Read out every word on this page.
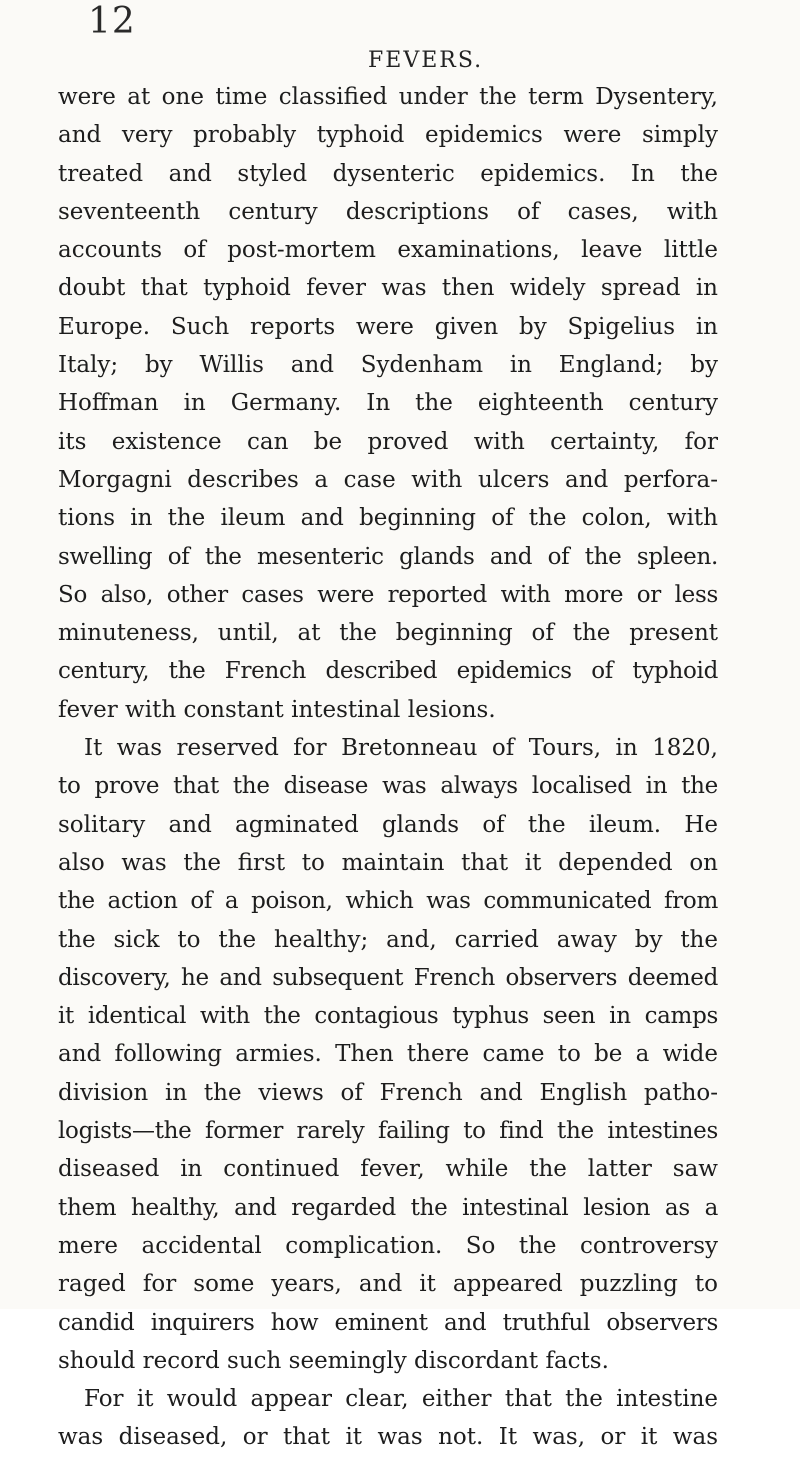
12
FEVERS.

were at one time classified under the term Dysentery,
and very probably typhoid epidemics were simply
treated and styled dysenteric epidemics. In the
seventeenth century descriptions of cases, with
accounts of post-mortem examinations, leave little
doubt that typhoid fever was then widely spread in
Europe. Such reports were given by Spigelius in
Italy; by Willis and Sydenham in England; by
Hoffman in Germany. In the eighteenth century
its existence can be proved with certainty, for
Morgagni describes a case with ulcers and perfora-
tions in the ileum and beginning of the colon, with
swelling of the mesenteric glands and of the spleen.
So also, other cases were reported with more or less
minuteness, until, at the beginning of the present
century, the French described epidemics of typhoid
fever with constant intestinal lesions.

It was reserved for Bretonneau of Tours, in 1820,
to prove that the disease was always localised in the
solitary and agminated glands of the ileum. He
also was the first to maintain that it depended on
the action of a poison, which was communicated from
the sick to the healthy; and, carried away by the
discovery, he and subsequent French observers deemed
it identical with the contagious typhus seen in camps
and following armies. Then there came to be a wide
division in the views of French and English patho-
logists—the former rarely failing to find the intestines
diseased in continued fever, while the latter saw
them healthy, and regarded the intestinal lesion as a
mere accidental complication. So the controversy
raged for some years, and it appeared puzzling to
candid inquirers how eminent and truthful observers
should record such seemingly discordant facts.

For it would appear clear, either that the intestine
was diseased, or that it was not. It was, or it was
